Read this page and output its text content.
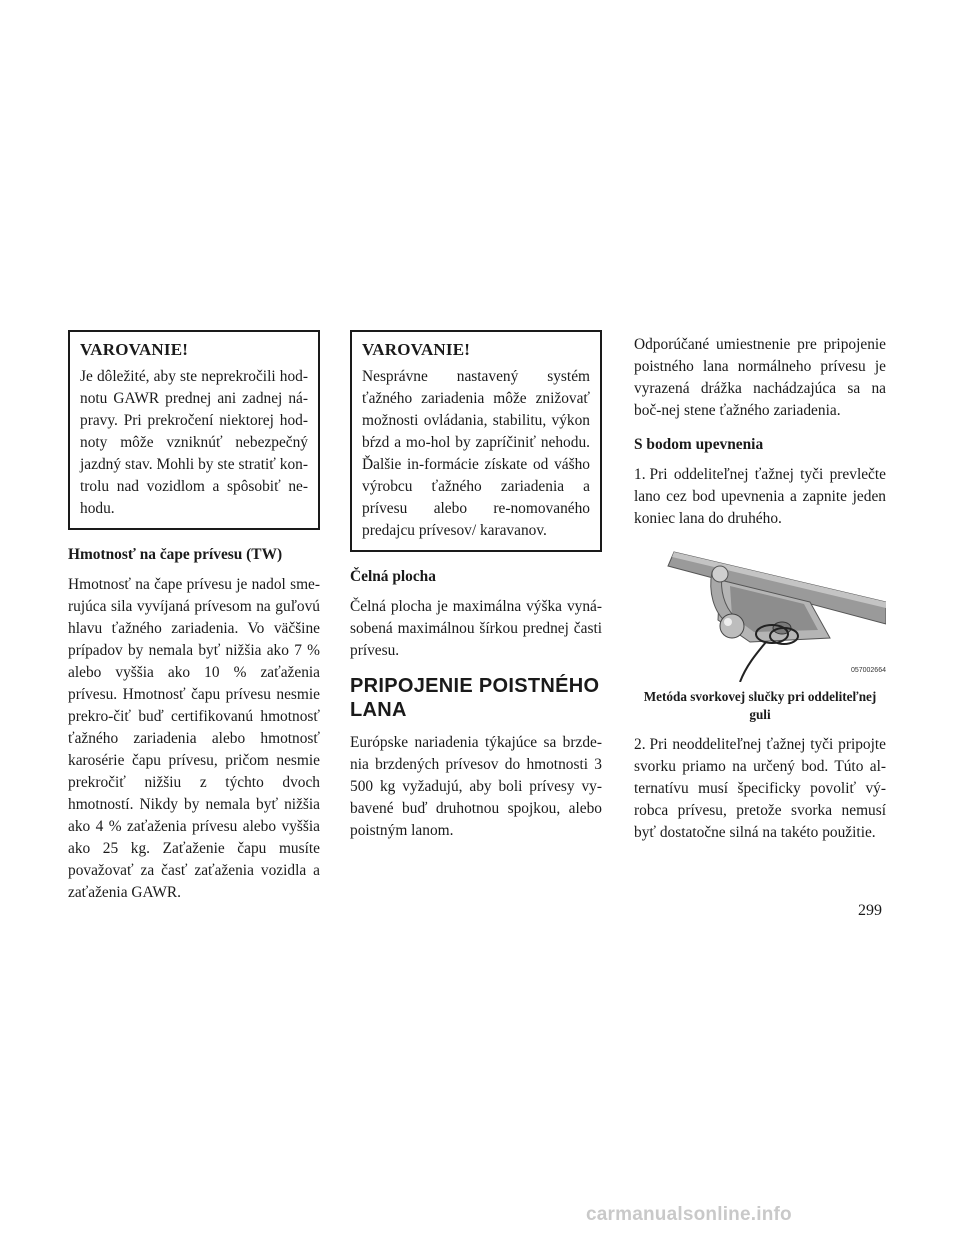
VAROVANIE!
Je dôležité, aby ste neprekročili hod-notu GAWR prednej ani zadnej ná-pravy. Pri prekročení niektorej hod-noty môže vzniknúť nebezpečný jazdný stav. Mohli by ste stratiť kon-trolu nad vozidlom a spôsobiť ne-hodu.
Hmotnosť na čape prívesu (TW)

Hmotnosť na čape prívesu je nadol sme-rujúca sila vyvíjaná prívesom na guľovú hlavu ťažného zariadenia. Vo väčšine prípadov by nemala byť nižšia ako 7 % alebo vyššia ako 10 % zaťaženia prívesu. Hmotnosť čapu prívesu nesmie prekro-čiť buď certifikovanú hmotnosť ťažného zariadenia alebo hmotnosť karosérie čapu prívesu, pričom nesmie prekročiť nižšiu z týchto dvoch hmotností. Nikdy by nemala byť nižšia ako 4 % zaťaženia prívesu alebo vyššia ako 25 kg. Zaťaženie čapu musíte považovať za časť zaťaženia vozidla a zaťaženia GAWR.

VAROVANIE!
Nesprávne nastavený systém ťažného zariadenia môže znižovať možnosti ovládania, stabilitu, výkon bŕzd a mo-hol by zapríčiniť nehodu. Ďalšie in-formácie získate od vášho výrobcu ťažného zariadenia a prívesu alebo re-nomovaného predajcu prívesov/ karavanov.
Čelná plocha

Čelná plocha je maximálna výška vyná-sobená maximálnou šírkou prednej časti prívesu.

PRIPOJENIE POISTNÉHO LANA

Európske nariadenia týkajúce sa brzde-nia brzdených prívesov do hmotnosti 3 500 kg vyžadujú, aby boli prívesy vy-bavené buď druhotnou spojkou, alebo poistným lanom.

Odporúčané umiestnenie pre pripojenie poistného lana normálneho prívesu je vyrazená drážka nachádzajúca sa na boč-nej stene ťažného zariadenia.

S bodom upevnenia

1. Pri oddeliteľnej ťažnej tyči prevlečte lano cez bod upevnenia a zapnite jeden koniec lana do druhého.

057002664
Metóda svorkovej slučky pri oddeliteľnej guli

2. Pri neoddeliteľnej ťažnej tyči pripojte svorku priamo na určený bod. Túto al-ternatívu musí špecificky povoliť vý-robca prívesu, pretože svorka nemusí byť dostatočne silná na takéto použitie.

299
carmanualsonline.info
